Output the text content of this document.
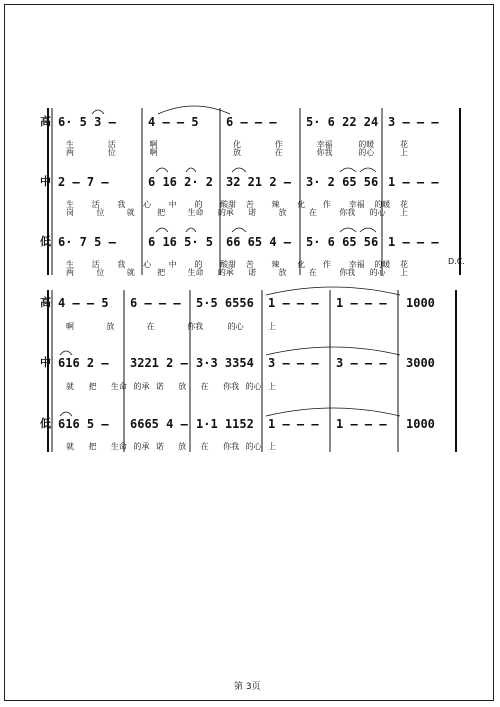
高 6· 5 3 –	4 – – 5 6 – – – 5· 6 22 24 3 – – –
生	活	啊	化	作	幸福	的暖	花
两	位	啊	放	在	你我	的心	上
中 2 – 7 –	6 16 2· 2 32 21 2 – 3· 2 65 56 1 – – –
生 活 我 心 中 的 酸甜 苦 辣 化 作 幸福 的暖 花
岗	位	就	把	生命 的承 诺	放	在	你我 的心 上
低 6· 7 5 –	6 16 5· 5 66 65 4 – 5· 6 65 56 1 – – –
生 活 我 心 中 的 酸甜 苦 辣 化 作 幸福 的暖 花
两	位	就	把	生命 的承 诺	放	在	你我 的心 上
高 4 – – 5 6 – – – 5·5 6556 1 – – – 1 – – – 1000
啊	放	在	你我	的心	上
中 616 2 – 3221 2 – 3·3 3354 3 – – – 3 – – – 3000
就 把 生命 的承 诺 放 在 你我 的心 上
低 616 5 – 6665 4 – 1·1 1152 1 – – – 1 – – – 1000
就 把 生命 的承 诺 放 在 你我 的心 上
D.C.
第 3页
